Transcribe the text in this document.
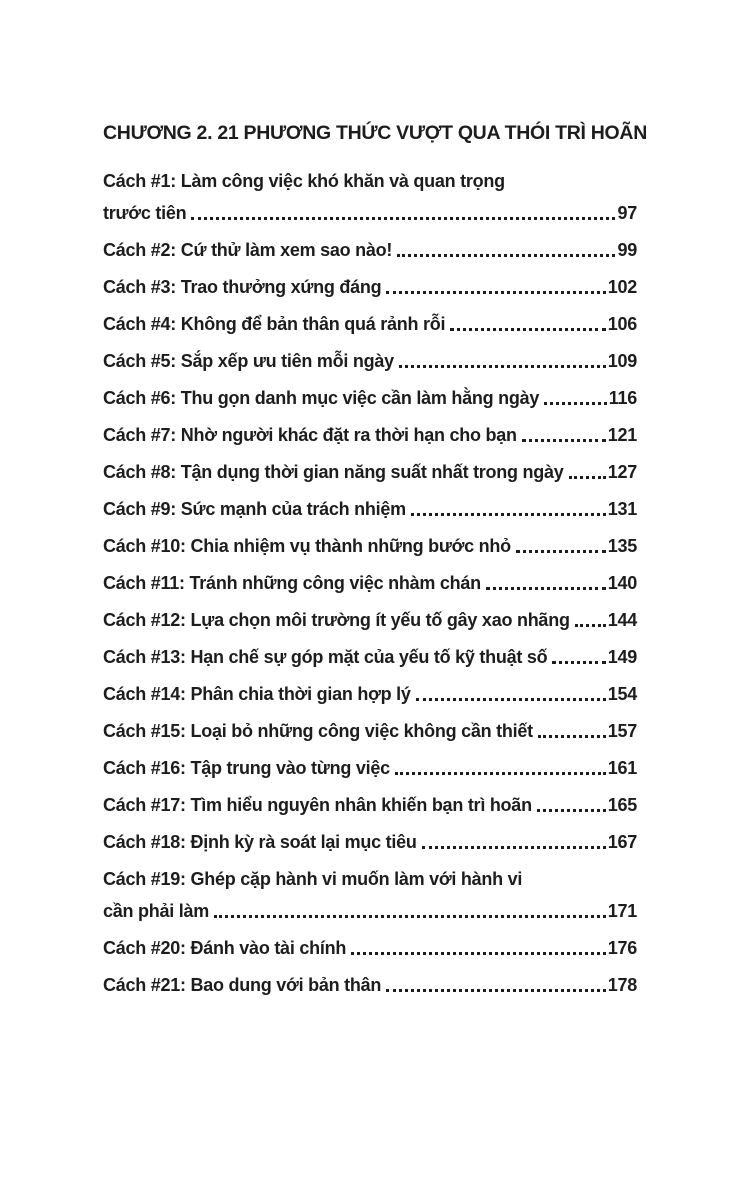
CHƯƠNG 2. 21 PHƯƠNG THỨC VƯỢT QUA THÓI TRÌ HOÃN
Cách #1: Làm công việc khó khăn và quan trọng
trước tiên	97
Cách #2: Cứ thử làm xem sao nào!	99
Cách #3: Trao thưởng xứng đáng	102
Cách #4: Không để bản thân quá rảnh rỗi	106
Cách #5: Sắp xếp ưu tiên mỗi ngày	109
Cách #6: Thu gọn danh mục việc cần làm hằng ngày	116
Cách #7: Nhờ người khác đặt ra thời hạn cho bạn	121
Cách #8: Tận dụng thời gian năng suất nhất trong ngày 127
Cách #9: Sức mạnh của trách nhiệm	131
Cách #10: Chia nhiệm vụ thành những bước nhỏ	135
Cách #11: Tránh những công việc nhàm chán	140
Cách #12: Lựa chọn môi trường ít yếu tố gây xao nhãng 144
Cách #13: Hạn chế sự góp mặt của yếu tố kỹ thuật số	149
Cách #14: Phân chia thời gian hợp lý	154
Cách #15: Loại bỏ những công việc không cần thiết	157
Cách #16: Tập trung vào từng việc	161
Cách #17: Tìm hiểu nguyên nhân khiến bạn trì hoãn	165
Cách #18: Định kỳ rà soát lại mục tiêu	167
Cách #19: Ghép cặp hành vi muốn làm với hành vi
cần phải làm	171
Cách #20: Đánh vào tài chính	176
Cách #21: Bao dung với bản thân	178
